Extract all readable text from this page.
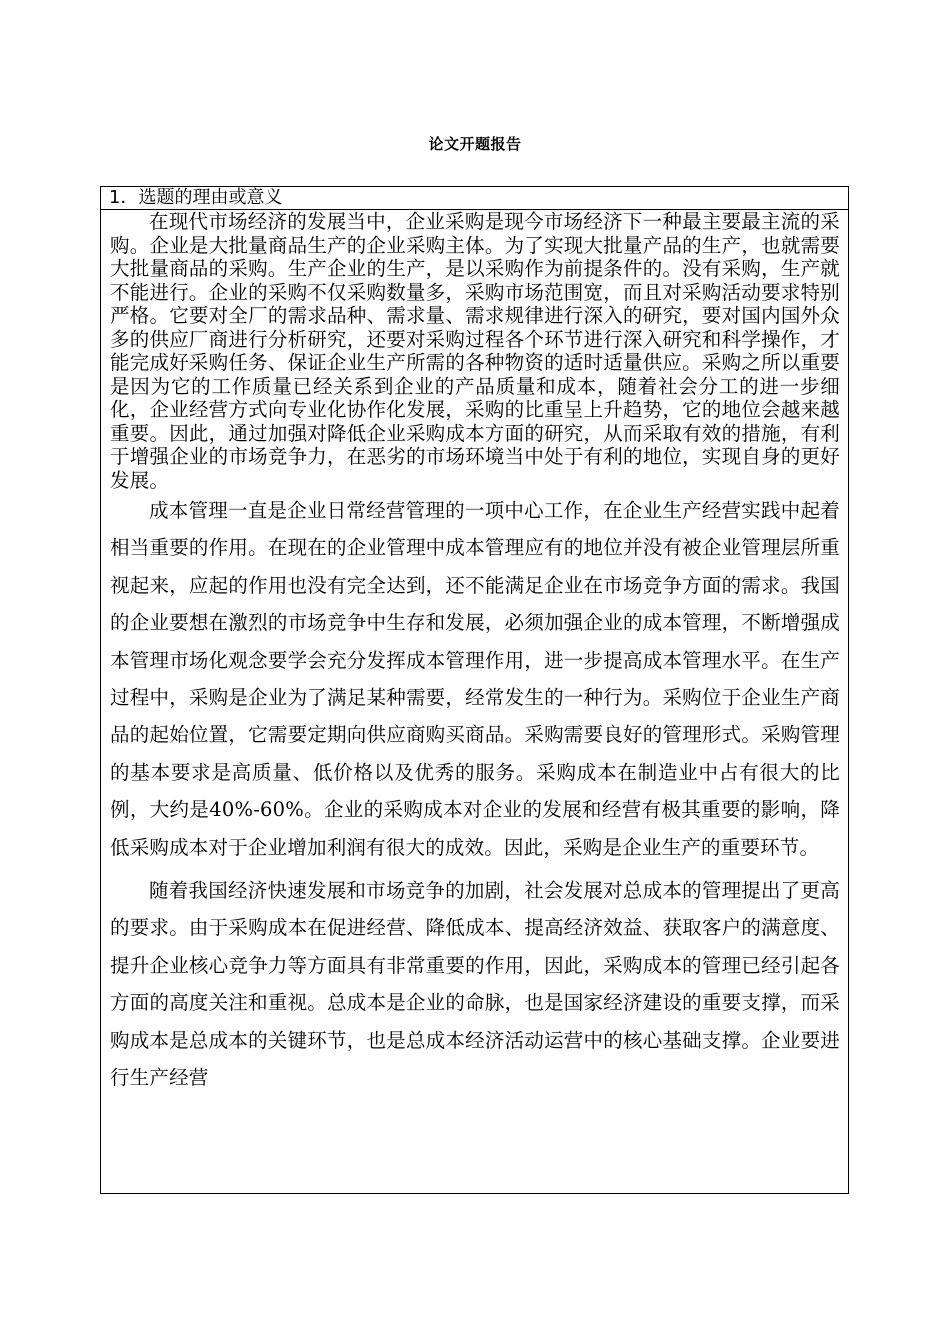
论文开题报告
1．选题的理由或意义

在现代市场经济的发展当中，企业采购是现今市场经济下一种最主要最主流的采购。企业是大批量商品生产的企业采购主体。为了实现大批量产品的生产，也就需要大批量商品的采购。生产企业的生产，是以采购作为前提条件的。没有采购，生产就不能进行。企业的采购不仅采购数量多，采购市场范围宽，而且对采购活动要求特别严格。它要对全厂的需求品种、需求量、需求规律进行深入的研究，要对国内国外众多的供应厂商进行分析研究，还要对采购过程各个环节进行深入研究和科学操作，才能完成好采购任务、保证企业生产所需的各种物资的适时适量供应。采购之所以重要是因为它的工作质量已经关系到企业的产品质量和成本，随着社会分工的进一步细化，企业经营方式向专业化协作化发展，采购的比重呈上升趋势，它的地位会越来越重要。因此，通过加强对降低企业采购成本方面的研究，从而采取有效的措施，有利于增强企业的市场竞争力，在恶劣的市场环境当中处于有利的地位，实现自身的更好发展。

成本管理一直是企业日常经营管理的一项中心工作，在企业生产经营实践中起着相当重要的作用。在现在的企业管理中成本管理应有的地位并没有被企业管理层所重视起来，应起的作用也没有完全达到，还不能满足企业在市场竞争方面的需求。我国的企业要想在激烈的市场竞争中生存和发展，必须加强企业的成本管理，不断增强成本管理市场化观念要学会充分发挥成本管理作用，进一步提高成本管理水平。在生产过程中，采购是企业为了满足某种需要，经常发生的一种行为。采购位于企业生产商品的起始位置，它需要定期向供应商购买商品。采购需要良好的管理形式。采购管理的基本要求是高质量、低价格以及优秀的服务。采购成本在制造业中占有很大的比例，大约是40%-60%。企业的采购成本对企业的发展和经营有极其重要的影响，降低采购成本对于企业增加利润有很大的成效。因此，采购是企业生产的重要环节。

随着我国经济快速发展和市场竞争的加剧，社会发展对总成本的管理提出了更高的要求。由于采购成本在促进经营、降低成本、提高经济效益、获取客户的满意度、提升企业核心竞争力等方面具有非常重要的作用，因此，采购成本的管理已经引起各方面的高度关注和重视。总成本是企业的命脉，也是国家经济建设的重要支撑，而采购成本是总成本的关键环节，也是总成本经济活动运营中的核心基础支撑。企业要进行生产经营
